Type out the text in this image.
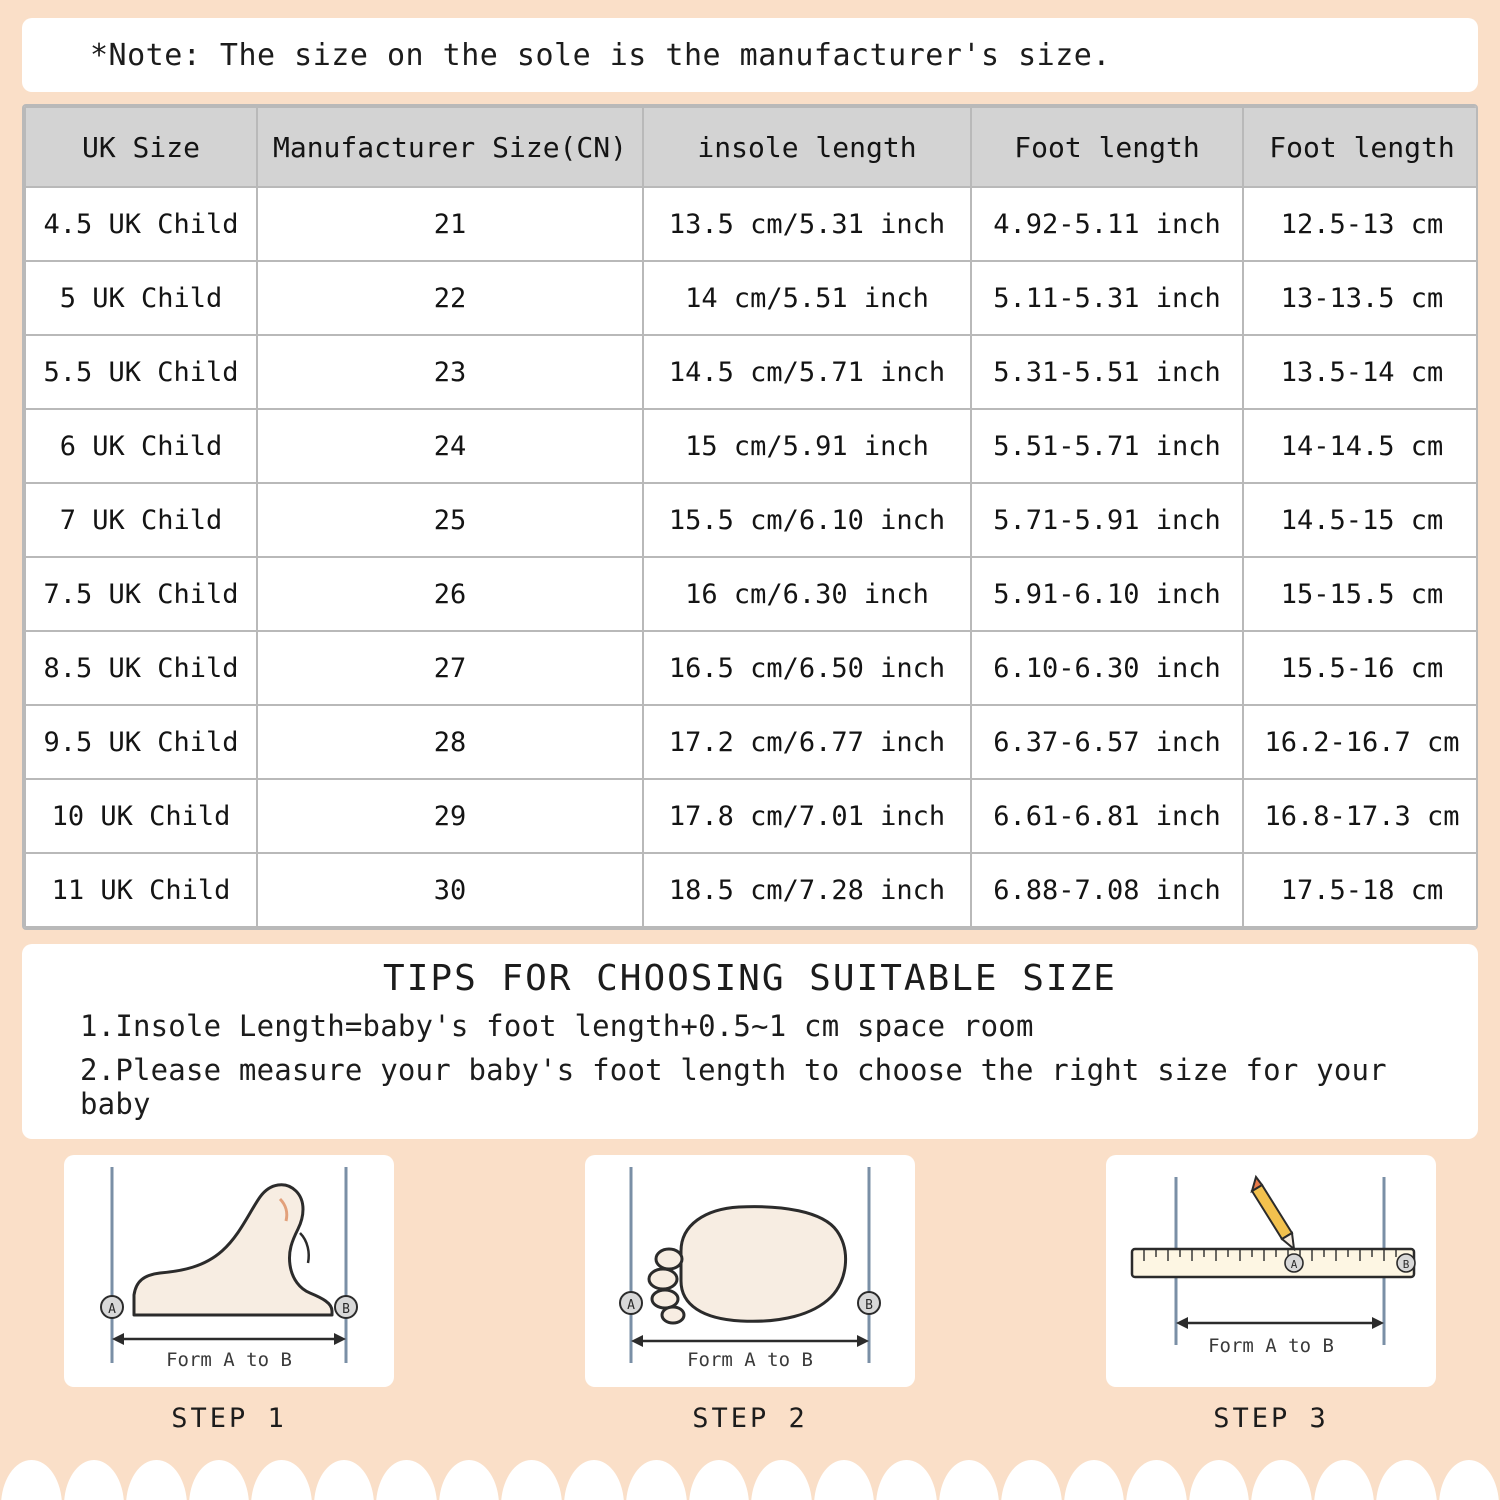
*Note: The size on the sole is the manufacturer's size.
UK Size	Manufacturer Size(CN)	insole length	Foot length	Foot length
4.5 UK Child	21	13.5 cm/5.31 inch	4.92-5.11 inch	12.5-13 cm
5 UK Child	22	14 cm/5.51 inch	5.11-5.31 inch	13-13.5 cm
5.5 UK Child	23	14.5 cm/5.71 inch	5.31-5.51 inch	13.5-14 cm
6 UK Child	24	15 cm/5.91 inch	5.51-5.71 inch	14-14.5 cm
7 UK Child	25	15.5 cm/6.10 inch	5.71-5.91 inch	14.5-15 cm
7.5 UK Child	26	16 cm/6.30 inch	5.91-6.10 inch	15-15.5 cm
8.5 UK Child	27	16.5 cm/6.50 inch	6.10-6.30 inch	15.5-16 cm
9.5 UK Child	28	17.2 cm/6.77 inch	6.37-6.57 inch	16.2-16.7 cm
10 UK Child	29	17.8 cm/7.01 inch	6.61-6.81 inch	16.8-17.3 cm
11 UK Child	30	18.5 cm/7.28 inch	6.88-7.08 inch	17.5-18 cm
TIPS FOR CHOOSING SUITABLE SIZE
1.Insole Length=baby's foot length+0.5~1 cm space room
2.Please measure your baby's foot length to choose the right size for your baby
A	B
Form A to B
STEP 1
A	B
Form A to B
STEP 2
A	B
Form A to B
STEP 3
